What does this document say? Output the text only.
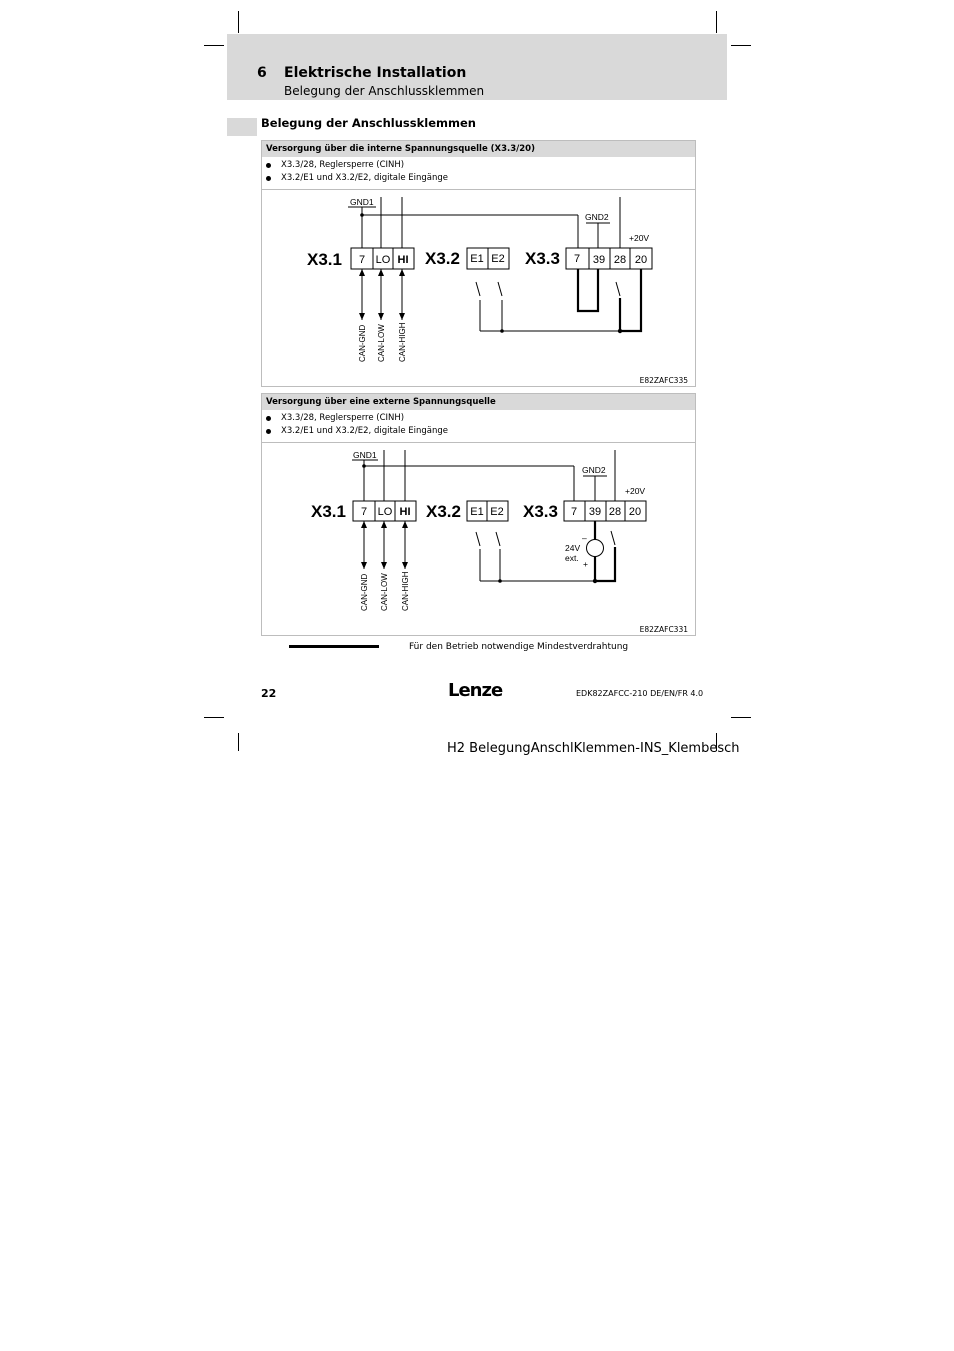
6 Elektrische Installation
Belegung der Anschlussklemmen
Belegung der Anschlussklemmen
Versorgung über die interne Spannungsquelle (X3.3/20)
X3.3/28, Reglersperre (CINH)
X3.2/E1 und X3.2/E2, digitale Eingänge
GND1
GND2
+20V
X3.1	X3.2	X3.3
7 LO HI	E1 E2	7 39 28 20
CAN-GND CAN-LOW CAN-HIGH
E82ZAFC335
Versorgung über eine externe Spannungsquelle
X3.3/28, Reglersperre (CINH)
X3.2/E1 und X3.2/E2, digitale Eingänge
GND1
GND2
+20V
24V
ext.
–
+
X3.1	X3.2	X3.3
7 LO HI	E1 E2	7 39 28 20
CAN-GND CAN-LOW CAN-HIGH
E82ZAFC331
Für den Betrieb notwendige Mindestverdrahtung
22	Lenze	EDK82ZAFCC-210 DE/EN/FR 4.0
H2 BelegungAnschlKlemmen-INS_Klembesch
